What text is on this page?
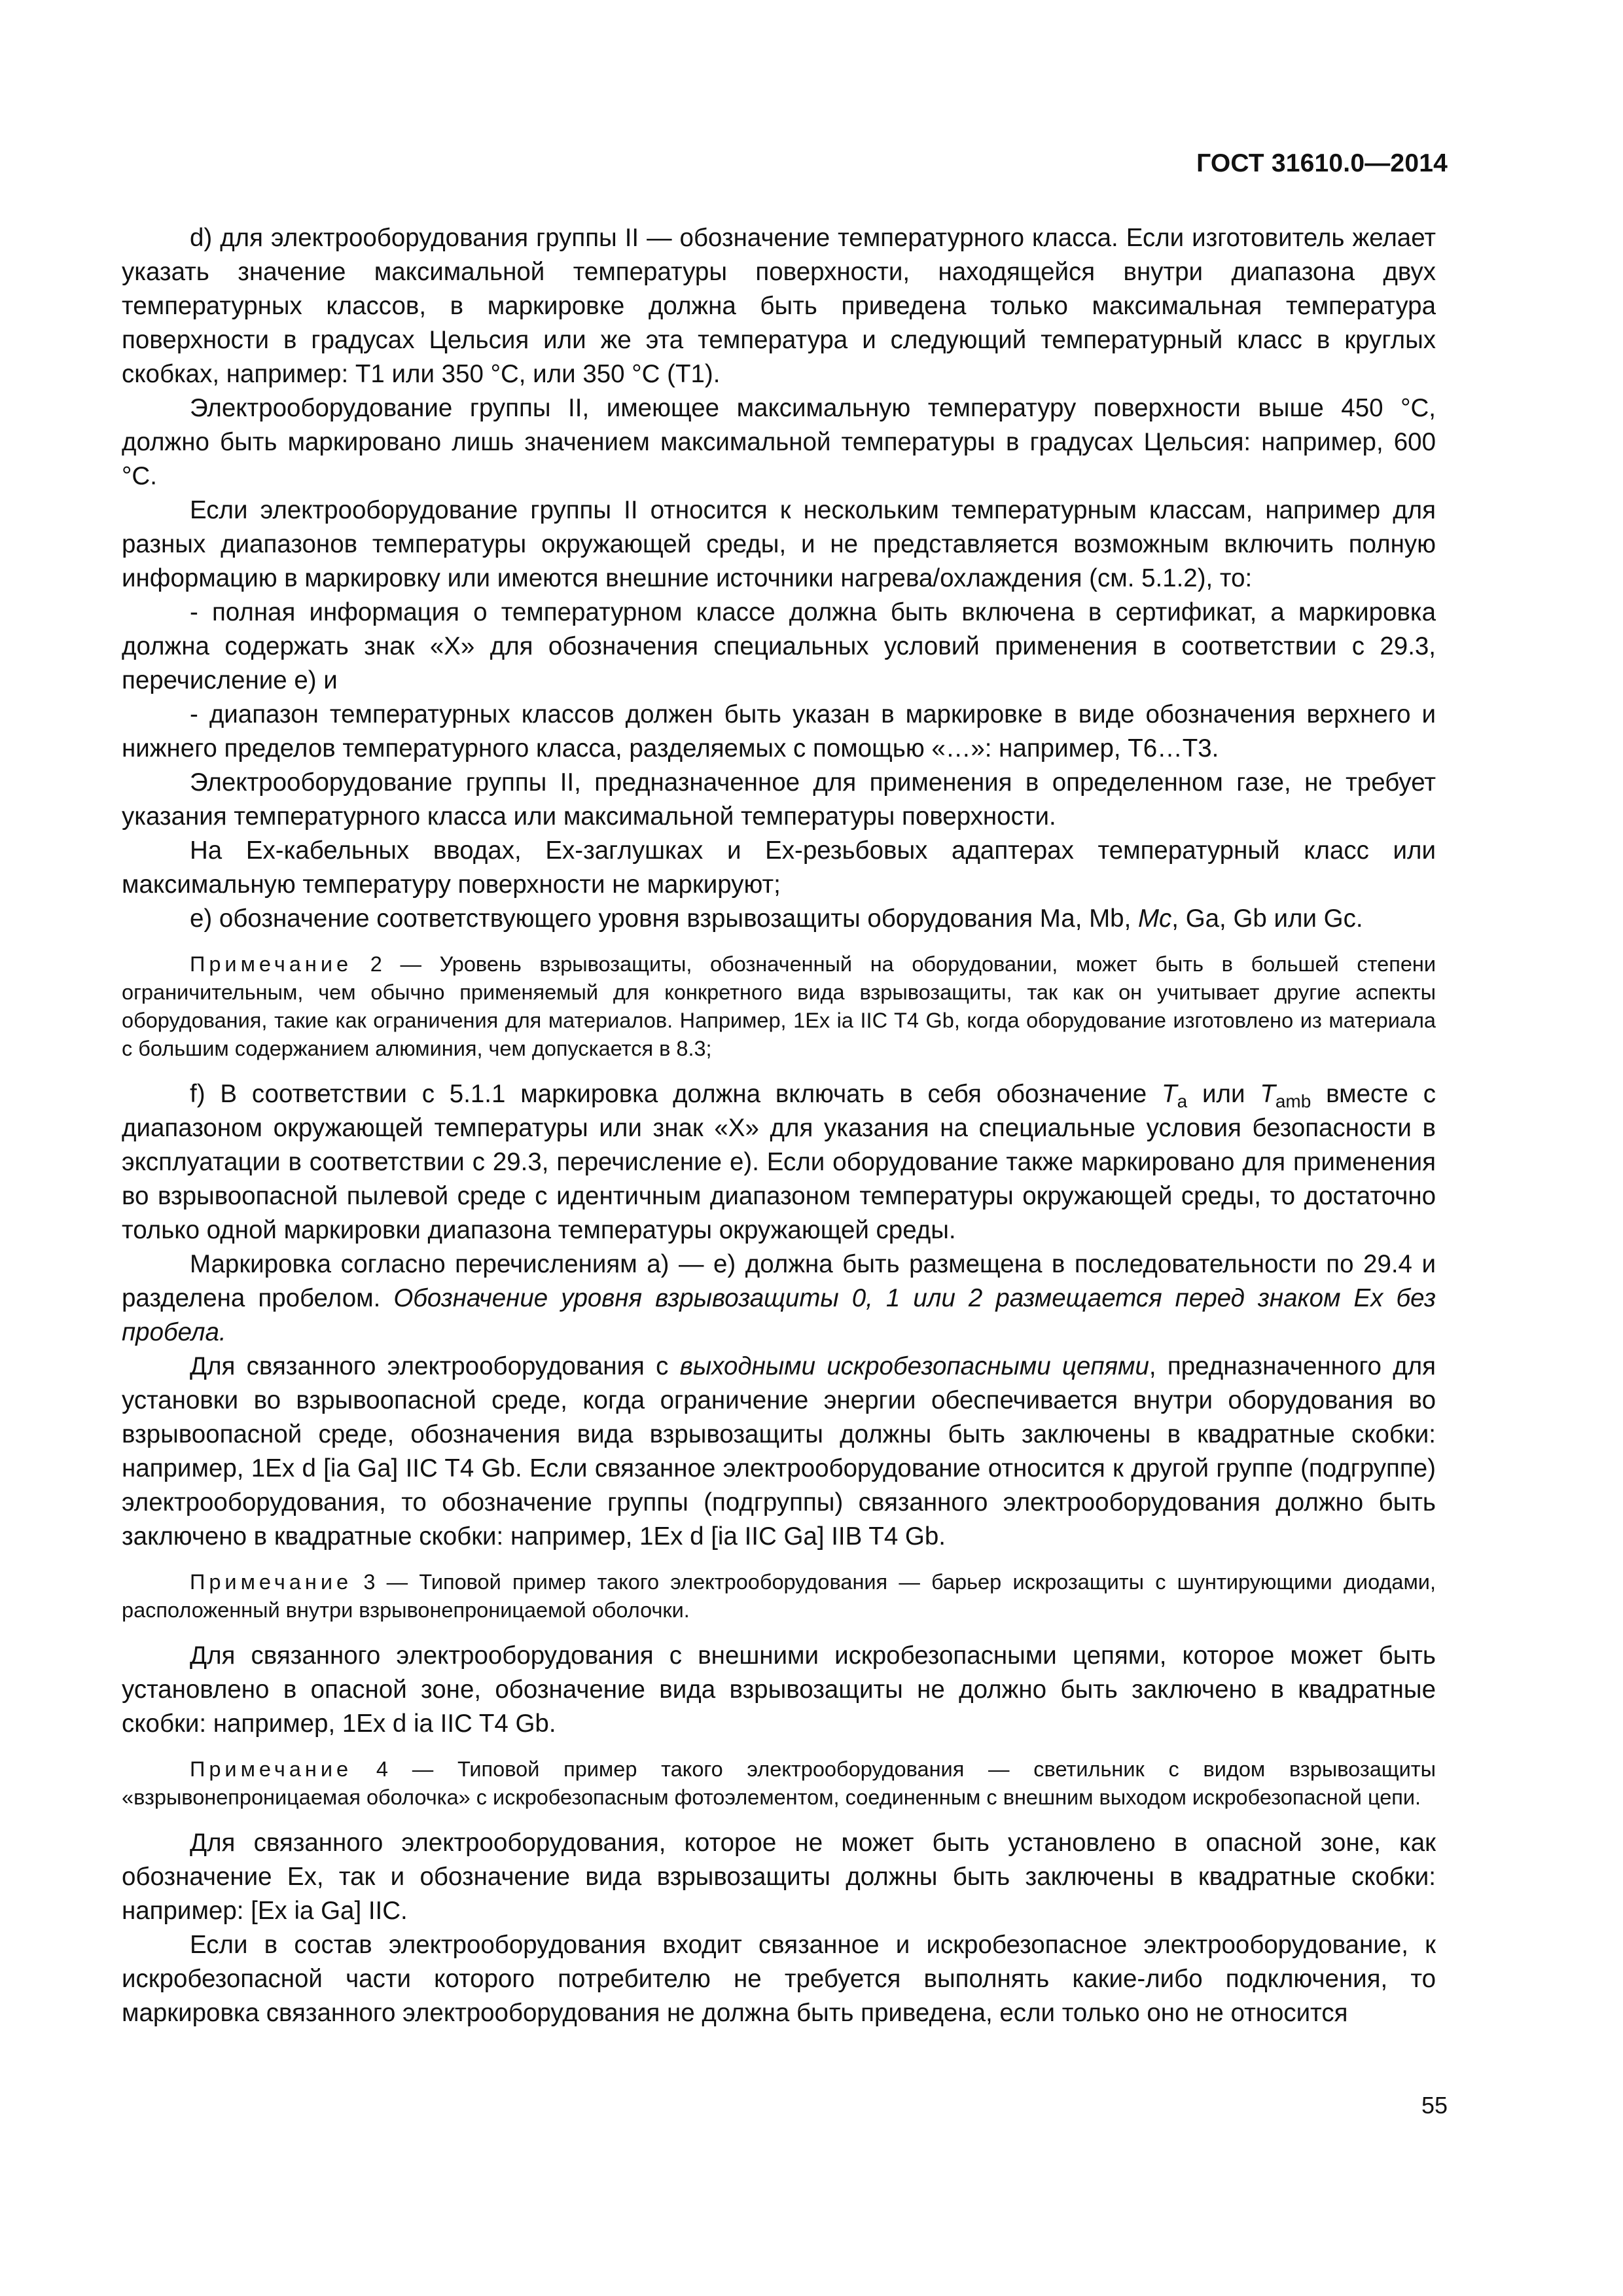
ГОСТ 31610.0—2014

d) для электрооборудования группы II — обозначение температурного класса. Если изготовитель желает указать значение максимальной температуры поверхности, находящейся внутри диапазона двух температурных классов, в маркировке должна быть приведена только максимальная температура поверхности в градусах Цельсия или же эта температура и следующий температурный класс в круглых скобках, например: Т1 или 350 °С, или 350 °С (Т1).

Электрооборудование группы II, имеющее максимальную температуру поверхности выше 450 °С, должно быть маркировано лишь значением максимальной температуры в градусах Цельсия: например, 600 °С.

Если электрооборудование группы II относится к нескольким температурным классам, например для разных диапазонов температуры окружающей среды, и не представляется возможным включить полную информацию в маркировку или имеются внешние источники нагрева/охлаждения (см. 5.1.2), то:

- полная информация о температурном классе должна быть включена в сертификат, а маркировка должна содержать знак «X» для обозначения специальных условий применения в соответствии с 29.3, перечисление е) и

- диапазон температурных классов должен быть указан в маркировке в виде обозначения верхнего и нижнего пределов температурного класса, разделяемых с помощью «…»: например, Т6…Т3.

Электрооборудование группы II, предназначенное для применения в определенном газе, не требует указания температурного класса или максимальной температуры поверхности.

На Ex-кабельных вводах, Ex-заглушках и Ex-резьбовых адаптерах температурный класс или максимальную температуру поверхности не маркируют;

е) обозначение соответствующего уровня взрывозащиты оборудования Ма, Mb, Мс, Ga, Gb или Gc.

Примечание 2 — Уровень взрывозащиты, обозначенный на оборудовании, может быть в большей степени ограничительным, чем обычно применяемый для конкретного вида взрывозащиты, так как он учитывает другие аспекты оборудования, такие как ограничения для материалов. Например, 1Ex ia IIC T4 Gb, когда оборудование изготовлено из материала с большим содержанием алюминия, чем допускается в 8.3;

f) В соответствии с 5.1.1 маркировка должна включать в себя обозначение $T_a$ или $T_{amb}$ вместе с диапазоном окружающей температуры или знак «X» для указания на специальные условия безопасности в эксплуатации в соответствии с 29.3, перечисление е). Если оборудование также маркировано для применения во взрывоопасной пылевой среде с идентичным диапазоном температуры окружающей среды, то достаточно только одной маркировки диапазона температуры окружающей среды.

Маркировка согласно перечислениям а) — е) должна быть размещена в последовательности по 29.4 и разделена пробелом. Обозначение уровня взрывозащиты 0, 1 или 2 размещается перед знаком Ex без пробела.

Для связанного электрооборудования с выходными искробезопасными цепями, предназначенного для установки во взрывоопасной среде, когда ограничение энергии обеспечивается внутри оборудования во взрывоопасной среде, обозначения вида взрывозащиты должны быть заключены в квадратные скобки: например, 1Ex d [ia Ga] IIC T4 Gb. Если связанное электрооборудование относится к другой группе (подгруппе) электрооборудования, то обозначение группы (подгруппы) связанного электрооборудования должно быть заключено в квадратные скобки: например, 1Ex d [ia IIC Ga] IIB T4 Gb.

Примечание 3 — Типовой пример такого электрооборудования — барьер искрозащиты с шунтирующими диодами, расположенный внутри взрывонепроницаемой оболочки.

Для связанного электрооборудования с внешними искробезопасными цепями, которое может быть установлено в опасной зоне, обозначение вида взрывозащиты не должно быть заключено в квадратные скобки: например, 1Ex d ia IIC T4 Gb.

Примечание 4 — Типовой пример такого электрооборудования — светильник с видом взрывозащиты «взрывонепроницаемая оболочка» с искробезопасным фотоэлементом, соединенным с внешним выходом искробезопасной цепи.

Для связанного электрооборудования, которое не может быть установлено в опасной зоне, как обозначение Ex, так и обозначение вида взрывозащиты должны быть заключены в квадратные скобки: например: [Ex ia Ga] IIC.

Если в состав электрооборудования входит связанное и искробезопасное электрооборудование, к искробезопасной части которого потребителю не требуется выполнять какие-либо подключения, то маркировка связанного электрооборудования не должна быть приведена, если только оно не относится

55
